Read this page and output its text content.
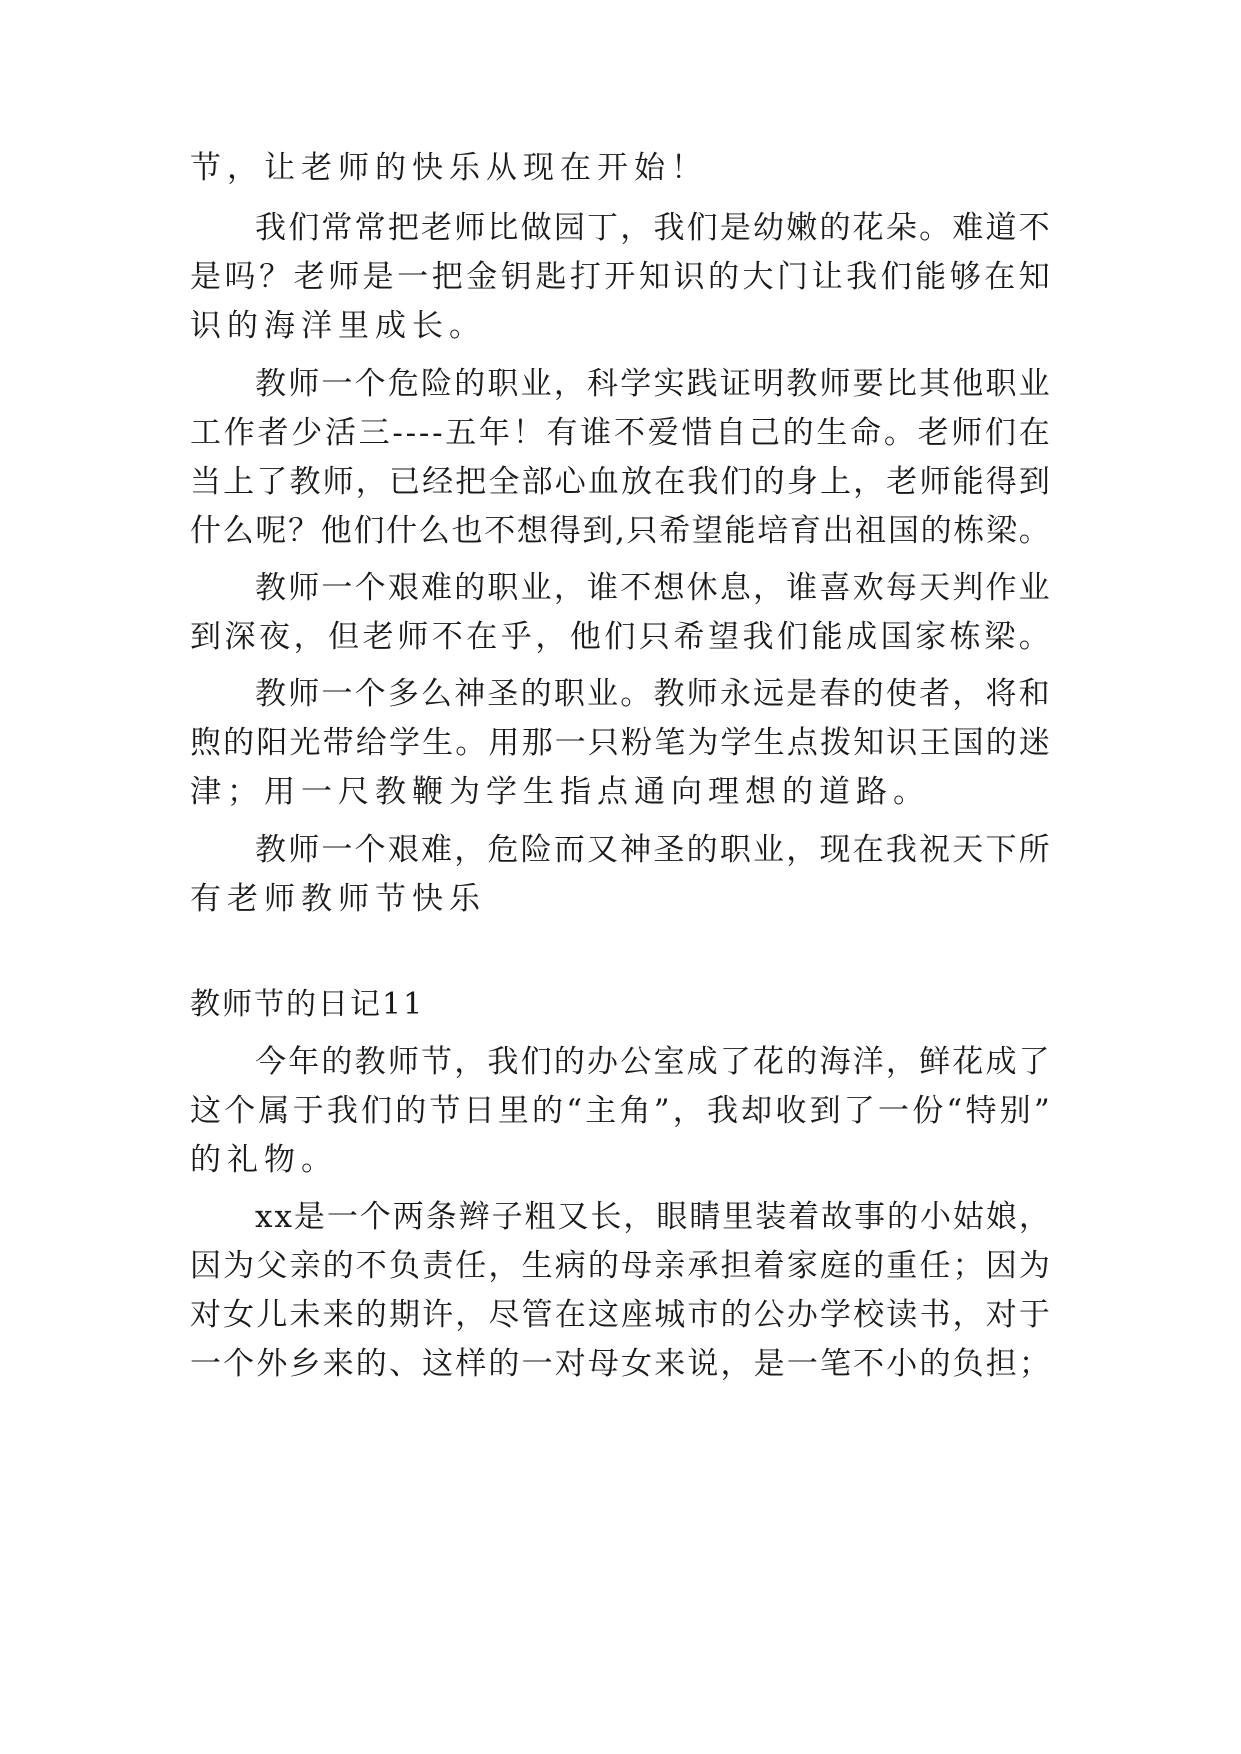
节，让老师的快乐从现在开始！
我 们 常 常 把 老 师 比 做 园 丁 ， 我 们 是 幼 嫩 的 花 朵 。 难 道 不
是 吗 ？ 老 师 是 一 把 金 钥 匙 打 开 知 识 的 大 门 让 我 们 能 够 在 知
识的海洋里成长。
教 师 一 个 危 险 的 职 业 ， 科 学 实 践 证 明 教 师 要 比 其 他 职 业
工 作 者 少 活 三 - - - - 五 年 ！ 有 谁 不 爱 惜 自 己 的 生 命 。 老 师 们 在
当 上 了 教 师 ， 已 经 把 全 部 心 血 放 在 我 们 的 身 上 ， 老 师 能 得 到
什 么 呢 ？ 他 们 什 么 也 不 想 得 到 , 只 希 望 能 培 育 出 祖 国 的 栋 梁 。
教 师 一 个 艰 难 的 职 业 ， 谁 不 想 休 息 ， 谁 喜 欢 每 天 判 作 业
到 深 夜 ， 但 老 师 不 在 乎 ， 他 们 只 希 望 我 们 能 成 国 家 栋 梁 。
教 师 一 个 多 么 神 圣 的 职 业 。 教 师 永 远 是 春 的 使 者 ， 将 和
煦 的 阳 光 带 给 学 生 。 用 那 一 只 粉 笔 为 学 生 点 拨 知 识 王 国 的 迷
津；用一尺教鞭为学生指点通向理想的道路。
教 师 一 个 艰 难 ， 危 险 而 又 神 圣 的 职 业 ， 现 在 我 祝 天 下 所
有老师教师节快乐
教师节的日记11
今 年 的 教 师 节 ， 我 们 的 办 公 室 成 了 花 的 海 洋 ， 鲜 花 成 了
这 个 属 于 我 们 的 节 日 里 的 “ 主 角 ” ， 我 却 收 到 了 一 份 “ 特 别 ”
的礼物。
x x 是 一 个 两 条 辫 子 粗 又 长 ， 眼 睛 里 装 着 故 事 的 小 姑 娘 ，
因 为 父 亲 的 不 负 责 任 ， 生 病 的 母 亲 承 担 着 家 庭 的 重 任 ； 因 为
对 女 儿 未 来 的 期 许 ， 尽 管 在 这 座 城 市 的 公 办 学 校 读 书 ， 对 于
一 个 外 乡 来 的 、 这 样 的 一 对 母 女 来 说 ， 是 一 笔 不 小 的 负 担 ；
